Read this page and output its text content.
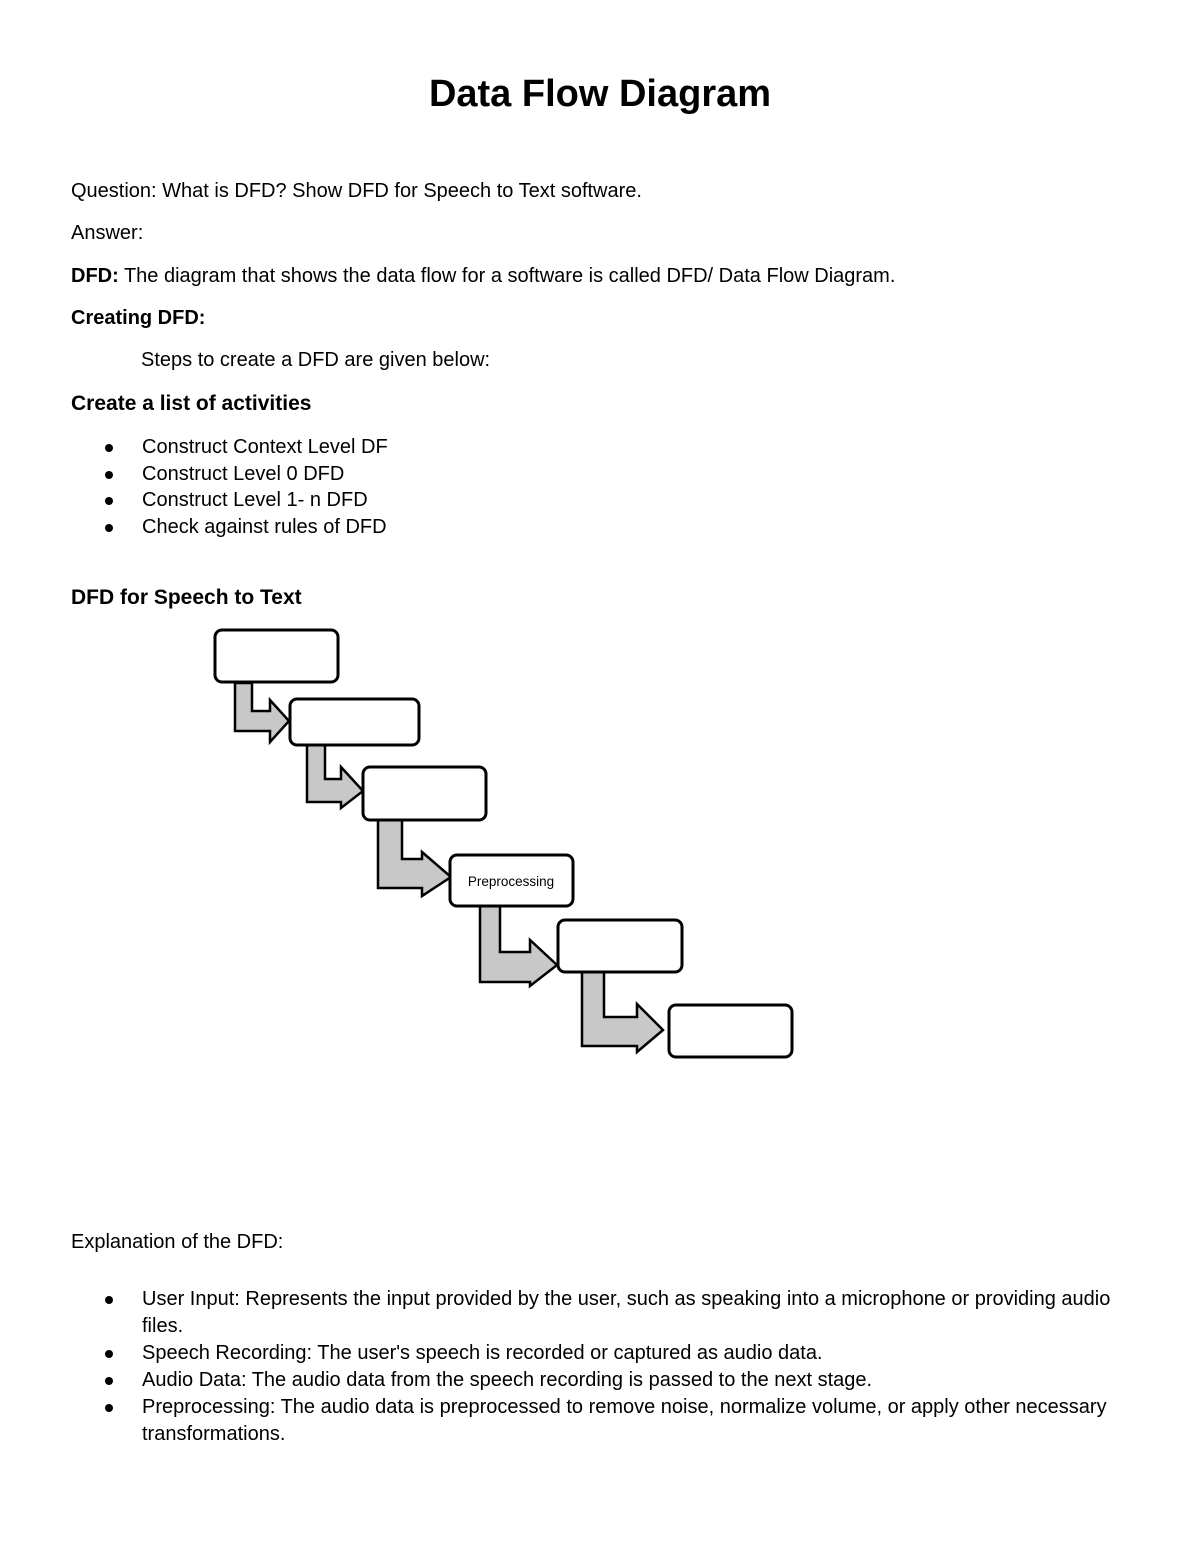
Data Flow Diagram
Question: What is DFD? Show DFD for Speech to Text software.
Answer:
DFD: The diagram that shows the data flow for a software is called DFD/ Data Flow Diagram.
Creating DFD:
Steps to create a DFD are given below:
Create a list of activities
Construct Context Level DF
Construct Level 0 DFD
Construct Level 1- n DFD
Check against rules of DFD
DFD for Speech to Text
Preprocessing
Explanation of the DFD:
User Input: Represents the input provided by the user, such as speaking into a microphone or providing audio files.
Speech Recording: The user's speech is recorded or captured as audio data.
Audio Data: The audio data from the speech recording is passed to the next stage.
Preprocessing: The audio data is preprocessed to remove noise, normalize volume, or apply other necessary transformations.
